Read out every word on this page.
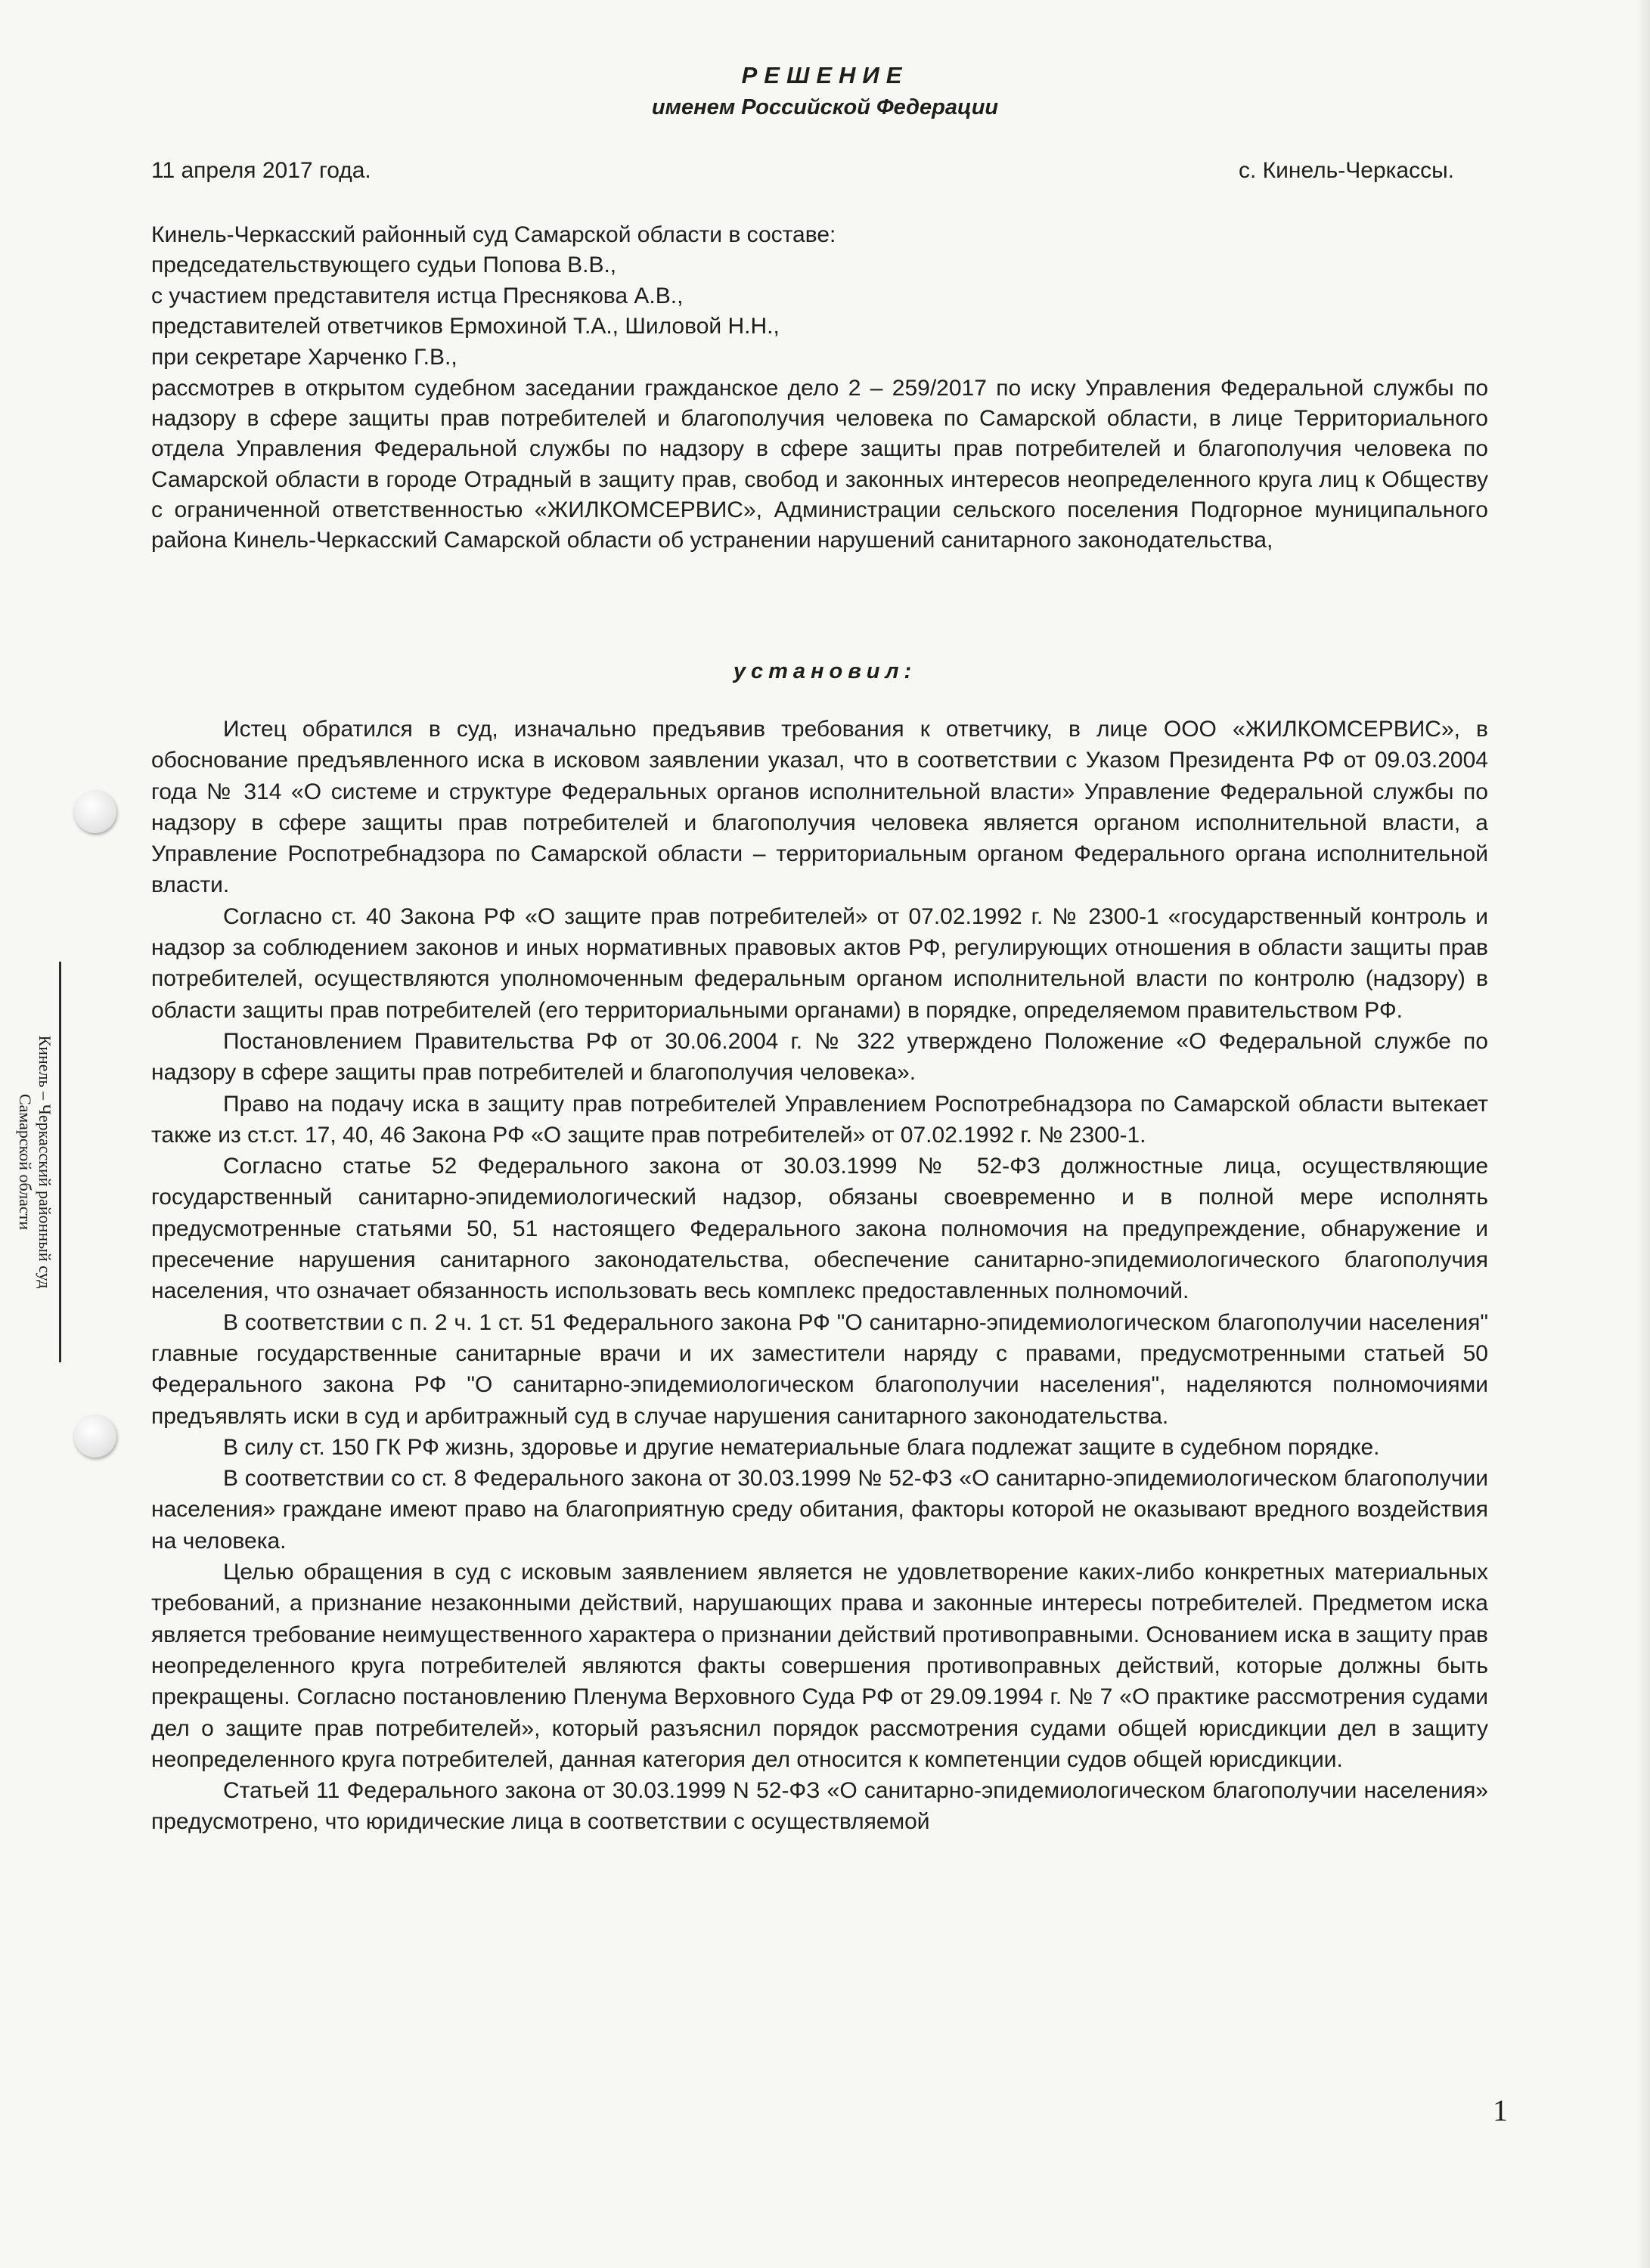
РЕШЕНИЕ
именем Российской Федерации
11 апреля 2017 года.	с. Кинель-Черкассы.
Кинель-Черкасский районный суд Самарской области в составе:
председательствующего судьи Попова В.В.,
с участием представителя истца Преснякова А.В.,
представителей ответчиков Ермохиной Т.А., Шиловой Н.Н.,
при секретаре Харченко Г.В.,
рассмотрев в открытом судебном заседании гражданское дело 2 – 259/2017 по иску Управления Федеральной службы по надзору в сфере защиты прав потребителей и благополучия человека по Самарской области, в лице Территориального отдела Управления Федеральной службы по надзору в сфере защиты прав потребителей и благополучия человека по Самарской области в городе Отрадный в защиту прав, свобод и законных интересов неопределенного круга лиц к Обществу с ограниченной ответственностью «ЖИЛКОМСЕРВИС», Администрации сельского поселения Подгорное муниципального района Кинель-Черкасский Самарской области об устранении нарушений санитарного законодательства,
установил:

Истец обратился в суд, изначально предъявив требования к ответчику, в лице ООО «ЖИЛКОМСЕРВИС», в обоснование предъявленного иска в исковом заявлении указал, что в соответствии с Указом Президента РФ от 09.03.2004 года № 314 «О системе и структуре Федеральных органов исполнительной власти» Управление Федеральной службы по надзору в сфере защиты прав потребителей и благополучия человека является органом исполнительной власти, а Управление Роспотребнадзора по Самарской области – территориальным органом Федерального органа исполнительной власти.

Согласно ст. 40 Закона РФ «О защите прав потребителей» от 07.02.1992 г. № 2300-1 «государственный контроль и надзор за соблюдением законов и иных нормативных правовых актов РФ, регулирующих отношения в области защиты прав потребителей, осуществляются уполномоченным федеральным органом исполнительной власти по контролю (надзору) в области защиты прав потребителей (его территориальными органами) в порядке, определяемом правительством РФ.

Постановлением Правительства РФ от 30.06.2004 г. № 322 утверждено Положение «О Федеральной службе по надзору в сфере защиты прав потребителей и благополучия человека».

Право на подачу иска в защиту прав потребителей Управлением Роспотребнадзора по Самарской области вытекает также из ст.ст. 17, 40, 46 Закона РФ «О защите прав потребителей» от 07.02.1992 г. № 2300-1.

Согласно статье 52 Федерального закона от 30.03.1999 № 52-ФЗ должностные лица, осуществляющие государственный санитарно-эпидемиологический надзор, обязаны своевременно и в полной мере исполнять предусмотренные статьями 50, 51 настоящего Федерального закона полномочия на предупреждение, обнаружение и пресечение нарушения санитарного законодательства, обеспечение санитарно-эпидемиологического благополучия населения, что означает обязанность использовать весь комплекс предоставленных полномочий.

В соответствии с п. 2 ч. 1 ст. 51 Федерального закона РФ "О санитарно-эпидемиологическом благополучии населения" главные государственные санитарные врачи и их заместители наряду с правами, предусмотренными статьей 50 Федерального закона РФ "О санитарно-эпидемиологическом благополучии населения", наделяются полномочиями предъявлять иски в суд и арбитражный суд в случае нарушения санитарного законодательства.

В силу ст. 150 ГК РФ жизнь, здоровье и другие нематериальные блага подлежат защите в судебном порядке.

В соответствии со ст. 8 Федерального закона от 30.03.1999 № 52-ФЗ «О санитарно-эпидемиологическом благополучии населения» граждане имеют право на благоприятную среду обитания, факторы которой не оказывают вредного воздействия на человека.

Целью обращения в суд с исковым заявлением является не удовлетворение каких-либо конкретных материальных требований, а признание незаконными действий, нарушающих права и законные интересы потребителей. Предметом иска является требование неимущественного характера о признании действий противоправными. Основанием иска в защиту прав неопределенного круга потребителей являются факты совершения противоправных действий, которые должны быть прекращены. Согласно постановлению Пленума Верховного Суда РФ от 29.09.1994 г. № 7 «О практике рассмотрения судами дел о защите прав потребителей», который разъяснил порядок рассмотрения судами общей юрисдикции дел в защиту неопределенного круга потребителей, данная категория дел относится к компетенции судов общей юрисдикции.

Статьей 11 Федерального закона от 30.03.1999 N 52-ФЗ «О санитарно-эпидемиологическом благополучии населения» предусмотрено, что юридические лица в соответствии с осуществляемой

Кинель – Черкасский районный суд
Самарской области
1
